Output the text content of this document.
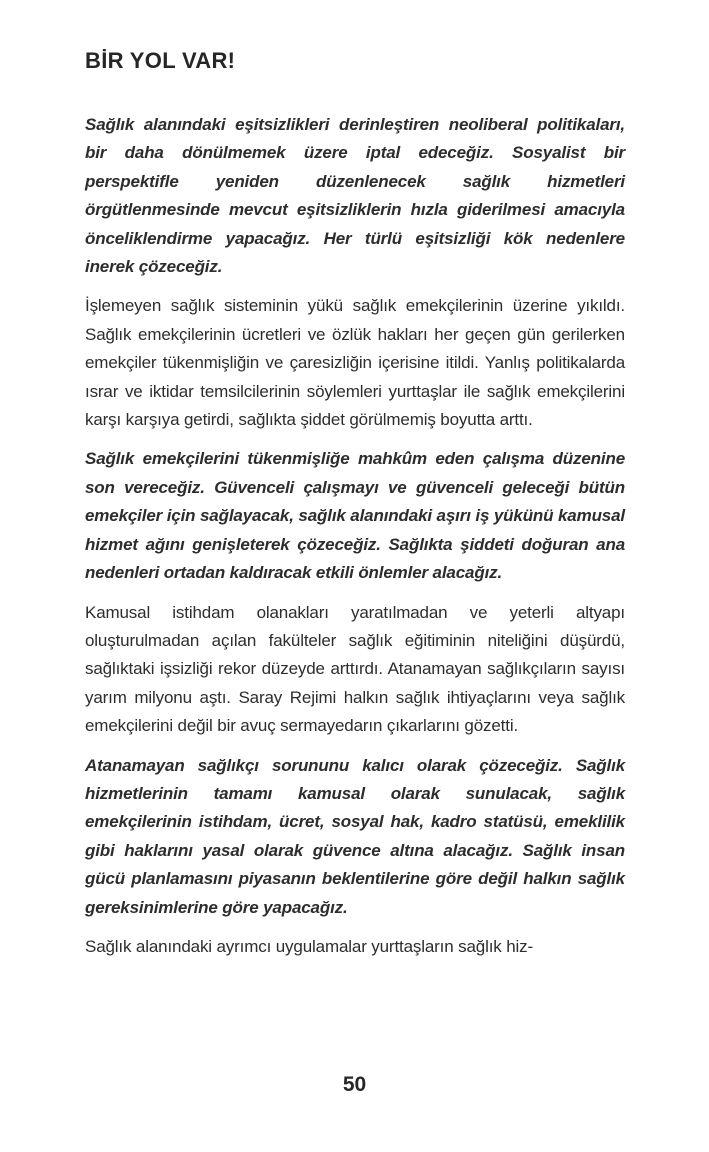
BİR YOL VAR!

Sağlık alanındaki eşitsizlikleri derinleştiren neoliberal politikaları, bir daha dönülmemek üzere iptal edeceğiz. Sosyalist bir perspektifle yeniden düzenlenecek sağlık hizmetleri örgütlenmesinde mevcut eşitsizliklerin hızla giderilmesi amacıyla önceliklendirme yapacağız. Her türlü eşitsizliği kök nedenlere inerek çözeceğiz.

İşlemeyen sağlık sisteminin yükü sağlık emekçilerinin üzerine yıkıldı. Sağlık emekçilerinin ücretleri ve özlük hakları her geçen gün gerilerken emekçiler tükenmişliğin ve çaresizliğin içerisine itildi. Yanlış politikalarda ısrar ve iktidar temsilcilerinin söylemleri yurttaşlar ile sağlık emekçilerini karşı karşıya getirdi, sağlıkta şiddet görülmemiş boyutta arttı.

Sağlık emekçilerini tükenmişliğe mahkûm eden çalışma düzenine son vereceğiz. Güvenceli çalışmayı ve güvenceli geleceği bütün emekçiler için sağlayacak, sağlık alanındaki aşırı iş yükünü kamusal hizmet ağını genişleterek çözeceğiz. Sağlıkta şiddeti doğuran ana nedenleri ortadan kaldıracak etkili önlemler alacağız.

Kamusal istihdam olanakları yaratılmadan ve yeterli altyapı oluşturulmadan açılan fakülteler sağlık eğitiminin niteliğini düşürdü, sağlıktaki işsizliği rekor düzeyde arttırdı. Atanamayan sağlıkçıların sayısı yarım milyonu aştı. Saray Rejimi halkın sağlık ihtiyaçlarını veya sağlık emekçilerini değil bir avuç sermayedarın çıkarlarını gözetti.

Atanamayan sağlıkçı sorununu kalıcı olarak çözeceğiz. Sağlık hizmetlerinin tamamı kamusal olarak sunulacak, sağlık emekçilerinin istihdam, ücret, sosyal hak, kadro statüsü, emeklilik gibi haklarını yasal olarak güvence altına alacağız. Sağlık insan gücü planlamasını piyasanın beklentilerine göre değil halkın sağlık gereksinimlerine göre yapacağız.

Sağlık alanındaki ayrımcı uygulamalar yurttaşların sağlık hiz-

50
